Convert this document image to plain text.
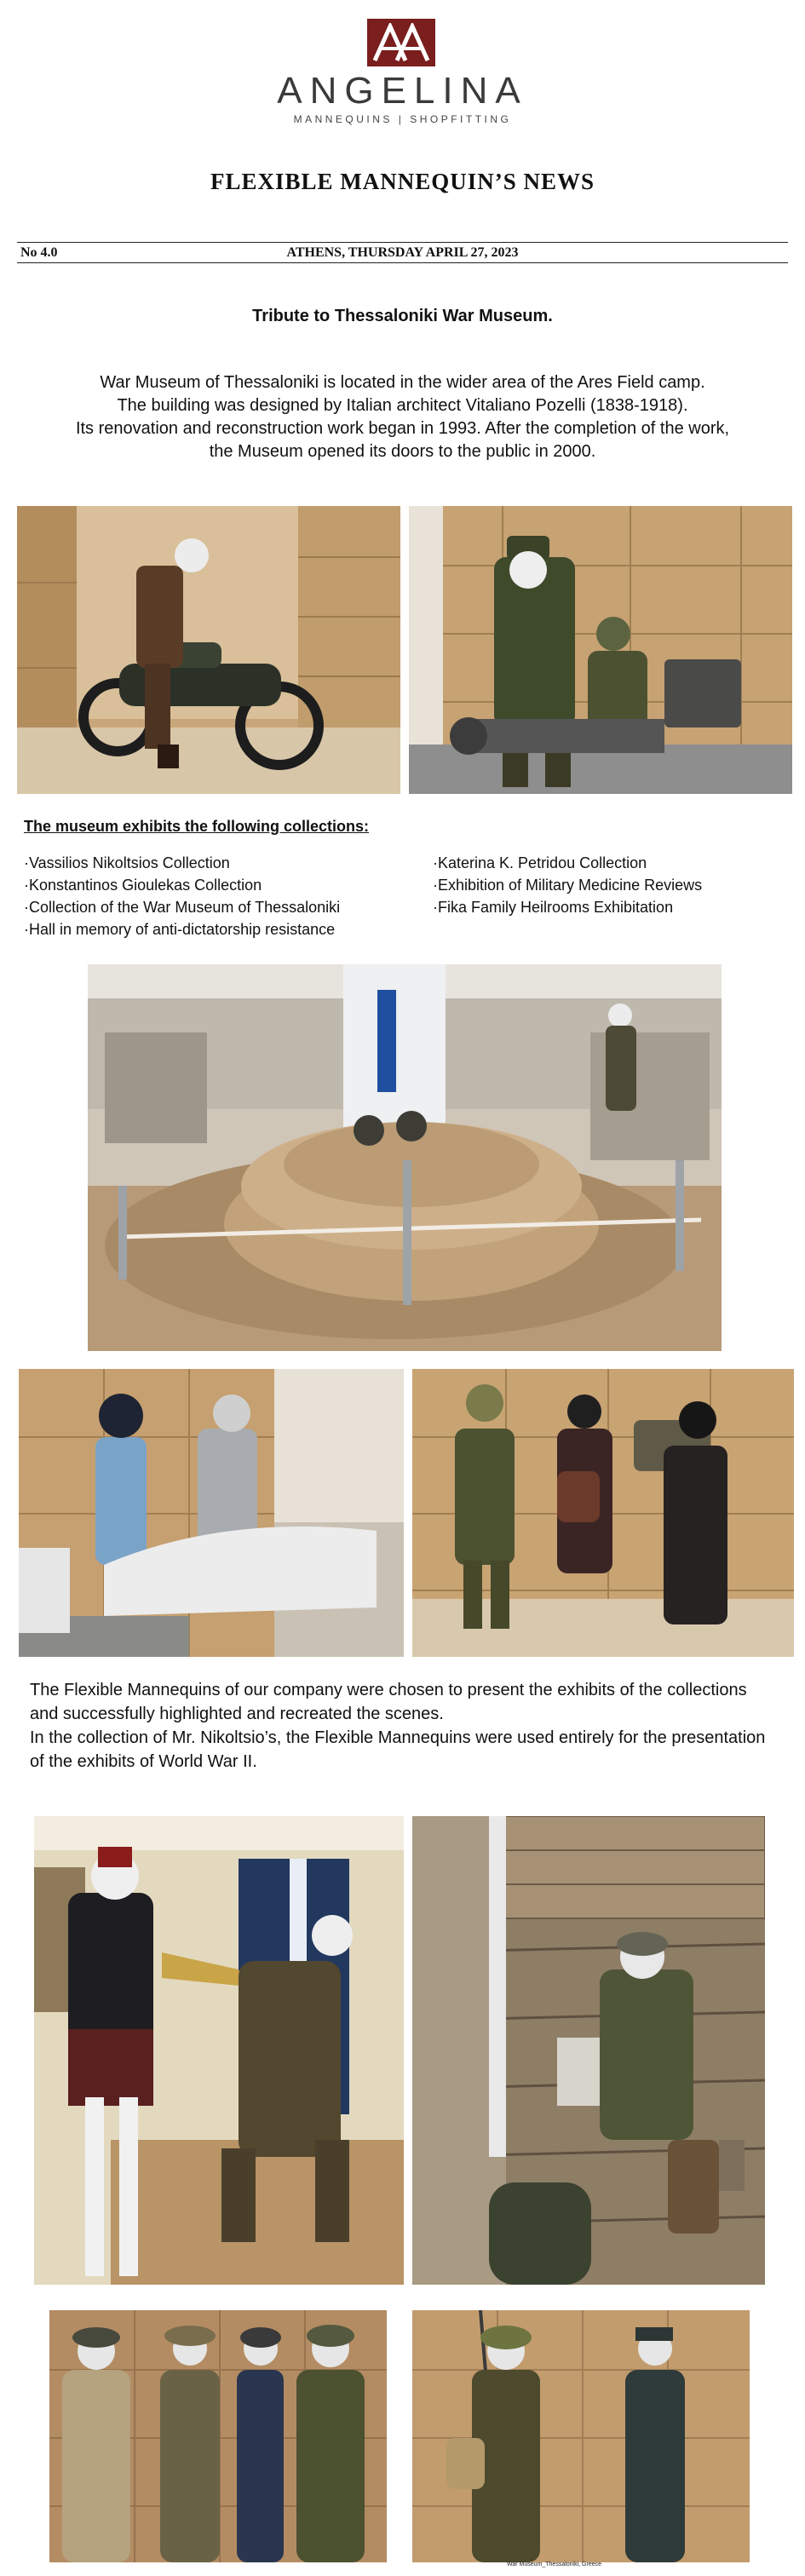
ANGELINA
MANNEQUINS | SHOPFITTING
FLEXIBLE MANNEQUIN’S NEWS
No 4.0	ATHENS, THURSDAY APRIL 27, 2023
Tribute to Thessaloniki War Museum.

War Museum of Thessaloniki is located in the wider area of the Ares Field camp.

The building was designed by Italian architect Vitaliano Pozelli (1838-1918).

Its renovation and reconstruction work began in 1993. After the completion of the work,

the Museum opened its doors to the public in 2000.

The museum exhibits the following collections:
·Vassilios Nikoltsios Collection
·Konstantinos Gioulekas Collection
·Collection of the War Museum of Thessaloniki
·Hall in memory of anti-dictatorship resistance
·Katerina K. Petridou Collection
·Exhibition of Military Medicine Reviews
·Fika Family Heilrooms Exhibitation

The Flexible Mannequins of our company were chosen to present the exhibits of the collections and successfully highlighted and recreated the scenes.

In the collection of Mr. Nikoltsio’s, the Flexible Mannequins were used entirely for the presentation of the exhibits of World War II.

War Museum_Thessaloniki, Greece
